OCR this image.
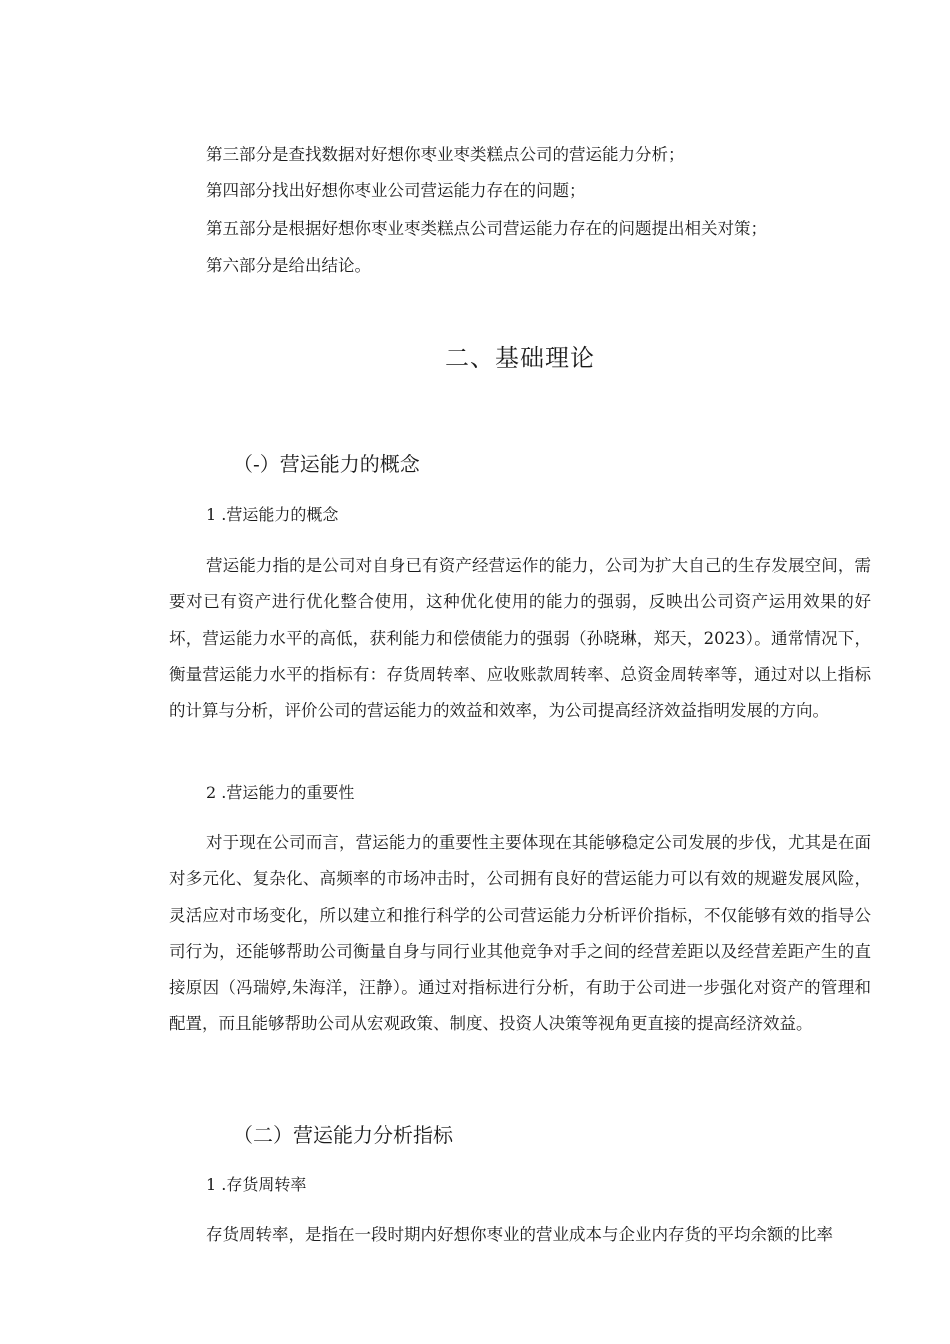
第三部分是查找数据对好想你枣业枣类糕点公司的营运能力分析；
第四部分找出好想你枣业公司营运能力存在的问题；
第五部分是根据好想你枣业枣类糕点公司营运能力存在的问题提出相关对策；
第六部分是给出结论。
二、基础理论
（-）营运能力的概念
1 .营运能力的概念

营运能力指的是公司对自身已有资产经营运作的能力，公司为扩大自己的生存发展空间，需要对已有资产进行优化整合使用，这种优化使用的能力的强弱，反映出公司资产运用效果的好坏，营运能力水平的高低，获利能力和偿债能力的强弱（孙晓琳，郑天，2023）。通常情况下，衡量营运能力水平的指标有：存货周转率、应收账款周转率、总资金周转率等，通过对以上指标的计算与分析，评价公司的营运能力的效益和效率，为公司提高经济效益指明发展的方向。

2 .营运能力的重要性

对于现在公司而言，营运能力的重要性主要体现在其能够稳定公司发展的步伐，尤其是在面对多元化、复杂化、高频率的市场冲击时，公司拥有良好的营运能力可以有效的规避发展风险，灵活应对市场变化，所以建立和推行科学的公司营运能力分析评价指标，不仅能够有效的指导公司行为，还能够帮助公司衡量自身与同行业其他竞争对手之间的经营差距以及经营差距产生的直接原因（冯瑞婷,朱海洋，汪静）。通过对指标进行分析，有助于公司进一步强化对资产的管理和配置，而且能够帮助公司从宏观政策、制度、投资人决策等视角更直接的提高经济效益。

（二）营运能力分析指标
1 .存货周转率

存货周转率，是指在一段时期内好想你枣业的营业成本与企业内存货的平均余额的比率
